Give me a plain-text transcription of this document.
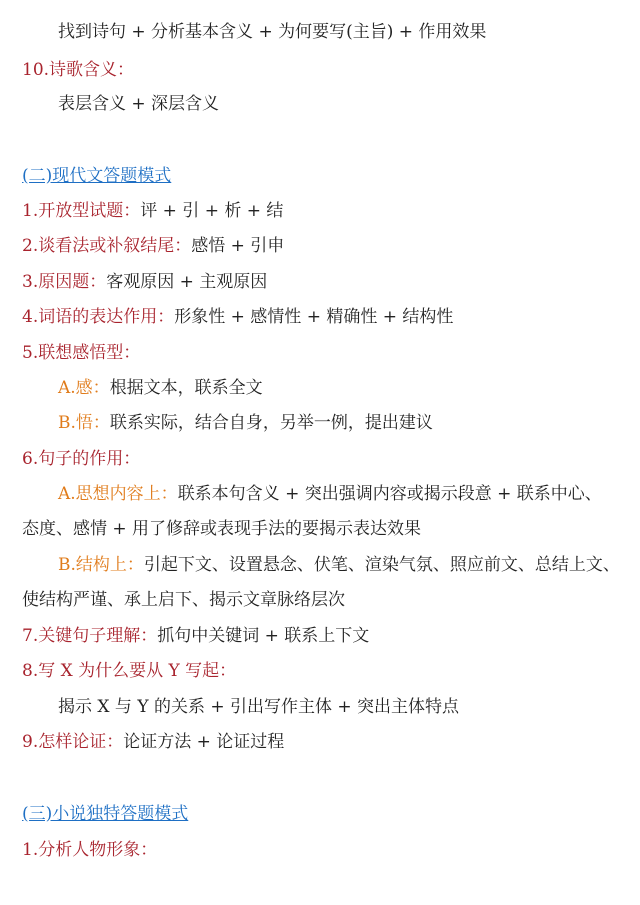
找到诗句 + 分析基本含义 + 为何要写(主旨) + 作用效果
10.诗歌含义：
表层含义 + 深层含义
(二)现代文答题模式
1.开放型试题：评 + 引 + 析 + 结
2.谈看法或补叙结尾：感悟 + 引申
3.原因题：客观原因 + 主观原因
4.词语的表达作用：形象性 + 感情性 + 精确性 + 结构性
5.联想感悟型：
A.感：根据文本，联系全文
B.悟：联系实际，结合自身，另举一例，提出建议
6.句子的作用：
A.思想内容上：联系本句含义 + 突出强调内容或揭示段意 + 联系中心、
态度、感情 + 用了修辞或表现手法的要揭示表达效果
B.结构上：引起下文、设置悬念、伏笔、渲染气氛、照应前文、总结上文、
使结构严谨、承上启下、揭示文章脉络层次
7.关键句子理解：抓句中关键词 + 联系上下文
8.写 X 为什么要从 Y 写起：
揭示 X 与 Y 的关系 + 引出写作主体 + 突出主体特点
9.怎样论证：论证方法 + 论证过程
(三)小说独特答题模式
1.分析人物形象：
